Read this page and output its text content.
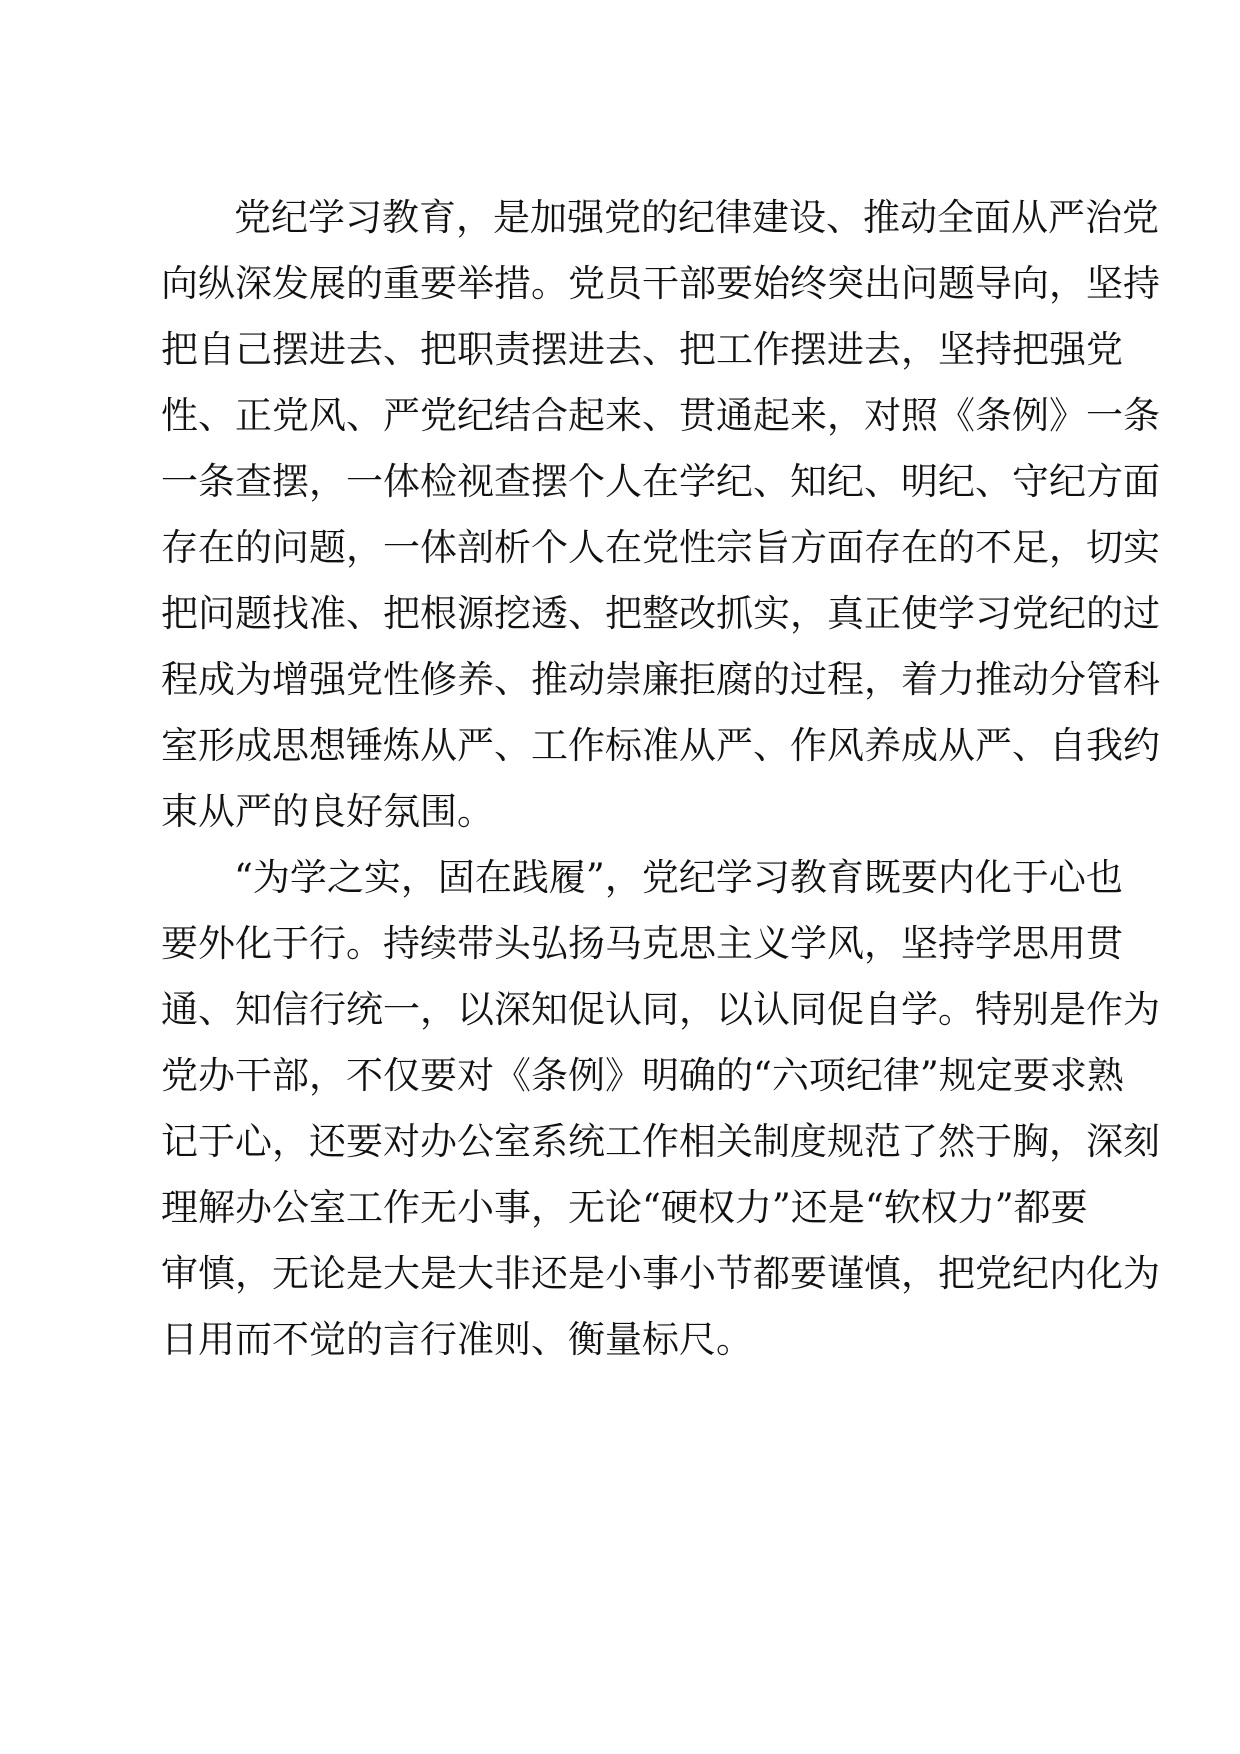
党纪学习教育，是加强党的纪律建设、推动全面从严治党
向纵深发展的重要举措。党员干部要始终突出问题导向，坚持
把自己摆进去、把职责摆进去、把工作摆进去，坚持把强党
性、正党风、严党纪结合起来、贯通起来，对照《条例》一条
一条查摆，一体检视查摆个人在学纪、知纪、明纪、守纪方面
存在的问题，一体剖析个人在党性宗旨方面存在的不足，切实
把问题找准、把根源挖透、把整改抓实，真正使学习党纪的过
程成为增强党性修养、推动崇廉拒腐的过程，着力推动分管科
室形成思想锤炼从严、工作标准从严、作风养成从严、自我约
束从严的良好氛围。
“为学之实，固在践履”，党纪学习教育既要内化于心也
要外化于行。持续带头弘扬马克思主义学风，坚持学思用贯
通、知信行统一，以深知促认同，以认同促自学。特别是作为
党办干部，不仅要对《条例》明确的“六项纪律”规定要求熟
记于心，还要对办公室系统工作相关制度规范了然于胸，深刻
理解办公室工作无小事，无论“硬权力”还是“软权力”都要
审慎，无论是大是大非还是小事小节都要谨慎，把党纪内化为
日用而不觉的言行准则、衡量标尺。
